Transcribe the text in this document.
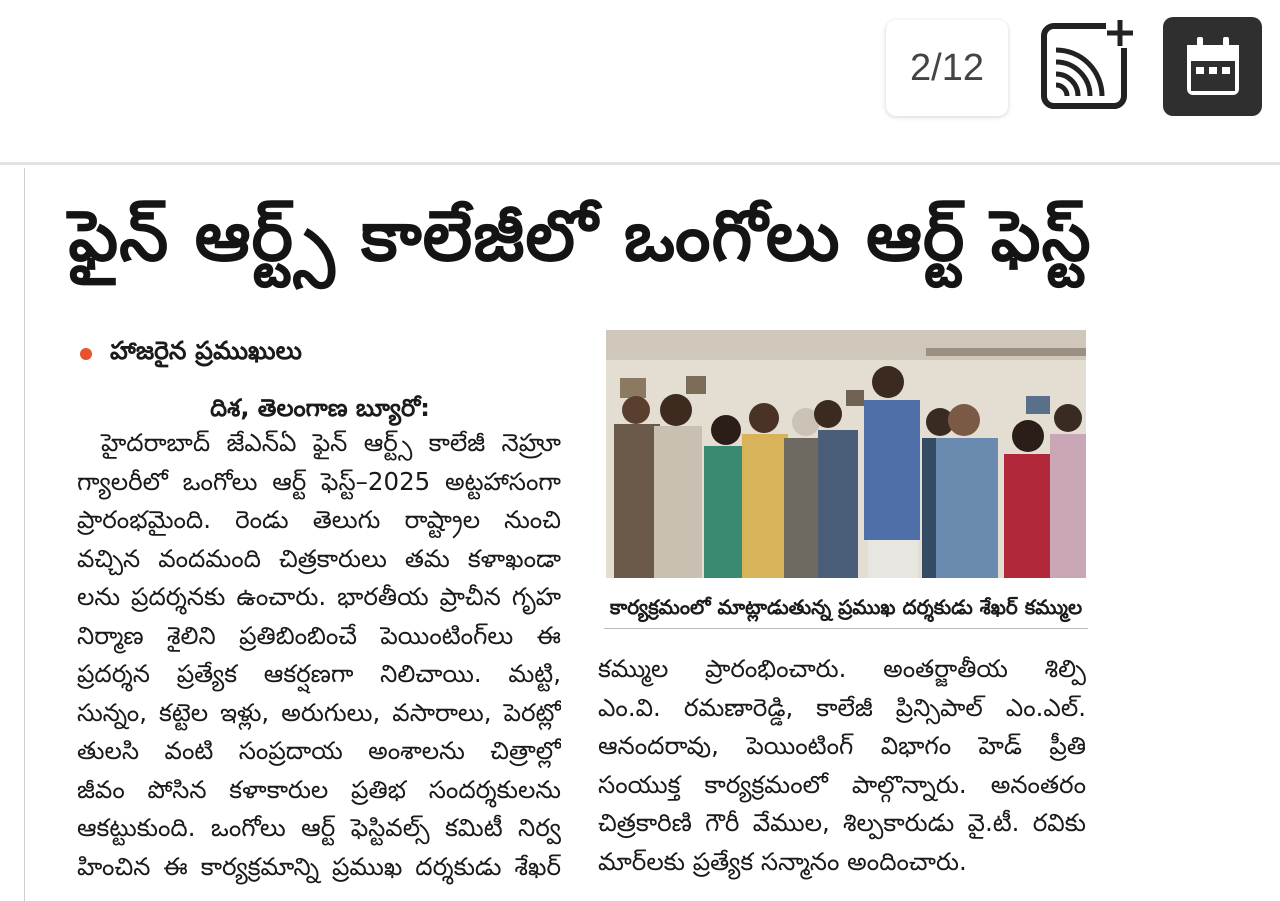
2/12
ఫైన్ ఆర్ట్స్ కాలేజీలో ఒంగోలు ఆర్ట్ ఫెస్ట్
హాజరైన ప్రముఖులు
దిశ, తెలంగాణ బ్యూరో:
హైదరాబాద్ జేఎన్ఏ ఫైన్ ఆర్ట్స్ కాలేజీ నెహ్రూ
గ్యాలరీలో ఒంగోలు ఆర్ట్ ఫెస్ట్–2025 అట్టహాసంగా
ప్రారంభమైంది. రెండు తెలుగు రాష్ట్రాల నుంచి
వచ్చిన వందమంది చిత్రకారులు తమ కళాఖండా
లను ప్రదర్శనకు ఉంచారు. భారతీయ ప్రాచీన గృహ
నిర్మాణ శైలిని ప్రతిబింబించే పెయింటింగ్‌లు ఈ
ప్రదర్శన ప్రత్యేక ఆకర్షణగా నిలిచాయి. మట్టి,
సున్నం, కట్టెల ఇళ్లు, అరుగులు, వసారాలు, పెరట్లో
తులసి వంటి సంప్రదాయ అంశాలను చిత్రాల్లో
జీవం పోసిన కళాకారుల ప్రతిభ సందర్శకులను
ఆకట్టుకుంది. ఒంగోలు ఆర్ట్ ఫెస్టివల్స్ కమిటీ నిర్వ
హించిన ఈ కార్యక్రమాన్ని ప్రముఖ దర్శకుడు శేఖర్
కార్యక్రమంలో మాట్లాడుతున్న ప్రముఖ దర్శకుడు శేఖర్ కమ్ముల
కమ్ముల ప్రారంభించారు. అంతర్జాతీయ శిల్పి
ఎం.వి. రమణారెడ్డి, కాలేజీ ప్రిన్సిపాల్ ఎం.ఎల్.
ఆనందరావు, పెయింటింగ్ విభాగం హెడ్ ప్రీతి
సంయుక్త కార్యక్రమంలో పాల్గొన్నారు. అనంతరం
చిత్రకారిణి గౌరీ వేముల, శిల్పకారుడు వై.టీ. రవికు
మార్‌లకు ప్రత్యేక సన్మానం అందించారు.
